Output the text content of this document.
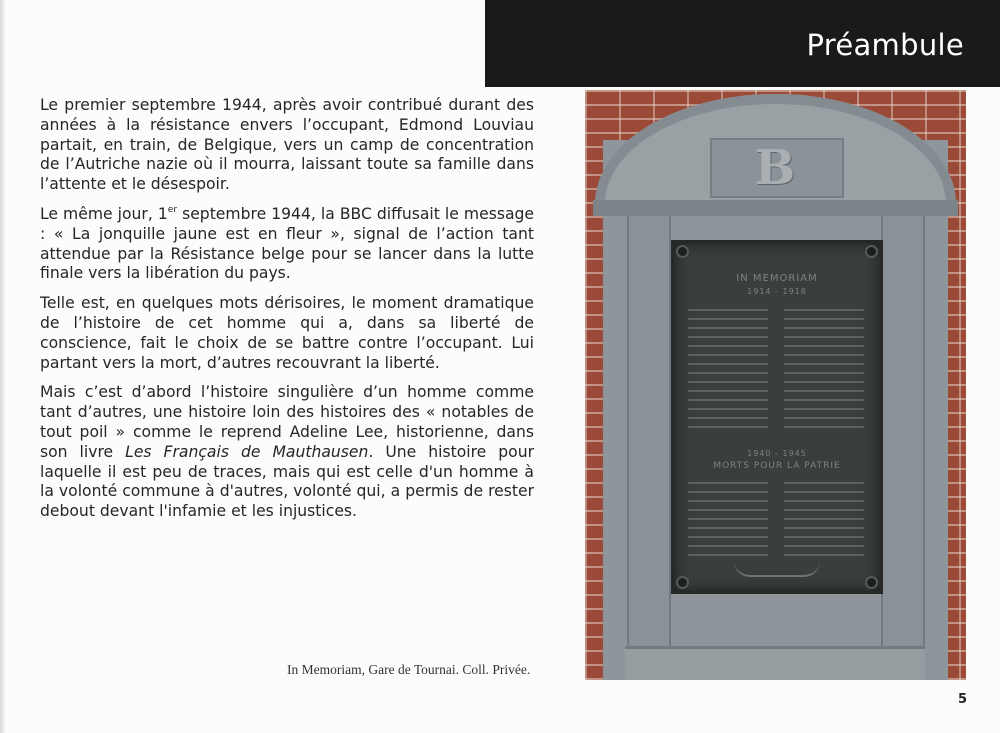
Préambule

Le premier septembre 1944, après avoir contribué durant des années à la résistance envers l’occupant, Edmond Louviau partait, en train, de Belgique, vers un camp de concentration de l’Autriche nazie où il mourra, laissant toute sa famille dans l’attente et le désespoir.

Le même jour, 1er septembre 1944, la BBC diffusait le message : « La jonquille jaune est en fleur », signal de l’action tant attendue par la Résistance belge pour se lancer dans la lutte finale vers la libération du pays.

Telle est, en quelques mots dérisoires, le moment dramatique de l’histoire de cet homme qui a, dans sa liberté de conscience, fait le choix de se battre contre l’occupant. Lui partant vers la mort, d’autres recouvrant la liberté.

Mais c’est d’abord l’histoire singulière d’un homme comme tant d’autres, une histoire loin des histoires des « notables de tout poil » comme le reprend Adeline Lee, historienne, dans son livre Les Français de Mauthausen. Une histoire pour laquelle il est peu de traces, mais qui est celle d'un homme à la volonté commune à d'autres, volonté qui, a permis de rester debout devant l'infamie et les injustices.

B
IN MEMORIAM
1914 - 1918
1940 - 1945
MORTS POUR LA PATRIE
In Memoriam, Gare de Tournai. Coll. Privée.
5
